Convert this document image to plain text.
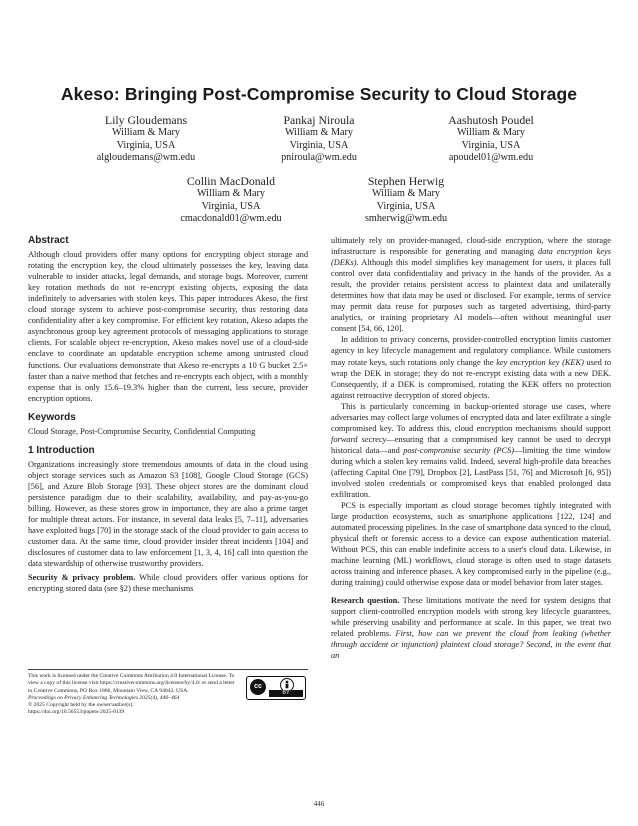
Akeso: Bringing Post-Compromise Security to Cloud Storage
Lily Gloudemans
William & Mary
Virginia, USA
algloudemans@wm.edu
Pankaj Niroula
William & Mary
Virginia, USA
pniroula@wm.edu
Aashutosh Poudel
William & Mary
Virginia, USA
apoudel01@wm.edu
Collin MacDonald
William & Mary
Virginia, USA
cmacdonald01@wm.edu
Stephen Herwig
William & Mary
Virginia, USA
smherwig@wm.edu
Abstract

Although cloud providers offer many options for encrypting object storage and rotating the encryption key, the cloud ultimately possesses the key, leaving data vulnerable to insider attacks, legal demands, and storage bugs. Moreover, current key rotation methods do not re-encrypt existing objects, exposing the data indefinitely to adversaries with stolen keys. This paper introduces Akeso, the first cloud storage system to achieve post-compromise security, thus restoring data confidentiality after a key compromise. For efficient key rotation, Akeso adapts the asynchronous group key agreement protocols of messaging applications to storage clients. For scalable object re-encryption, Akeso makes novel use of a cloud-side enclave to coordinate an updatable encryption scheme among untrusted cloud functions. Our evaluations demonstrate that Akeso re-encrypts a 10 G bucket 2.5× faster than a naive method that fetches and re-encrypts each object, with a monthly expense that is only 15.6–19.3% higher than the current, less secure, provider encryption options.

Keywords

Cloud Storage, Post-Compromise Security, Confidential Computing

1 Introduction

Organizations increasingly store tremendous amounts of data in the cloud using object storage services such as Amazon S3 [108], Google Cloud Storage (GCS) [56], and Azure Blob Storage [93]. These object stores are the dominant cloud persistence paradigm due to their scalability, availability, and pay-as-you-go billing. However, as these stores grow in importance, they are also a prime target for multiple threat actors. For instance, in several data leaks [5, 7–11], adversaries have exploited bugs [70] in the storage stack of the cloud provider to gain access to customer data. At the same time, cloud provider insider threat incidents [104] and disclosures of customer data to law enforcement [1, 3, 4, 16] call into question the data stewardship of otherwise trustworthy providers.

Security & privacy problem. While cloud providers offer various options for encrypting stored data (see §2) these mechanisms

This work is licensed under the Creative Commons Attribution 4.0 International License. To view a copy of this license visit https://creativecommons.org/licenses/by/4.0/ or send a letter to Creative Commons, PO Box 1866, Mountain View, CA 94042, USA.
Proceedings on Privacy Enhancing Technologies 2025(4), 446–464
© 2025 Copyright held by the owner/author(s).
https://doi.org/10.56553/popets-2025-0139
cc
BY

ultimately rely on provider-managed, cloud-side encryption, where the storage infrastructure is responsible for generating and managing data encryption keys (DEKs). Although this model simplifies key management for users, it places full control over data confidentiality and privacy in the hands of the provider. As a result, the provider retains persistent access to plaintext data and unilaterally determines how that data may be used or disclosed. For example, terms of service may permit data reuse for purposes such as targeted advertising, third-party analytics, or training proprietary AI models—often without meaningful user consent [54, 66, 120].

In addition to privacy concerns, provider-controlled encryption limits customer agency in key lifecycle management and regulatory compliance. While customers may rotate keys, such rotations only change the key encryption key (KEK) used to wrap the DEK in storage; they do not re-encrypt existing data with a new DEK. Consequently, if a DEK is compromised, rotating the KEK offers no protection against retroactive decryption of stored objects.

This is particularly concerning in backup-oriented storage use cases, where adversaries may collect large volumes of encrypted data and later exfiltrate a single compromised key. To address this, cloud encryption mechanisms should support forward secrecy—ensuring that a compromised key cannot be used to decrypt historical data—and post-compromise security (PCS)—limiting the time window during which a stolen key remains valid. Indeed, several high-profile data breaches (affecting Capital One [79], Dropbox [2], LastPass [51, 76] and Microsoft [6, 95]) involved stolen credentials or compromised keys that enabled prolonged data exfiltration.

PCS is especially important as cloud storage becomes tightly integrated with large production ecosystems, such as smartphone applications [122, 124] and automated processing pipelines. In the case of smartphone data synced to the cloud, physical theft or forensic access to a device can expose authentication material. Without PCS, this can enable indefinite access to a user's cloud data. Likewise, in machine learning (ML) workflows, cloud storage is often used to stage datasets across training and inference phases. A key compromised early in the pipeline (e.g., during training) could otherwise expose data or model behavior from later stages.

Research question. These limitations motivate the need for system designs that support client-controlled encryption models with strong key lifecycle guarantees, while preserving usability and performance at scale. In this paper, we treat two related problems. First, how can we prevent the cloud from leaking (whether through accident or injunction) plaintext cloud storage? Second, in the event that an

446
